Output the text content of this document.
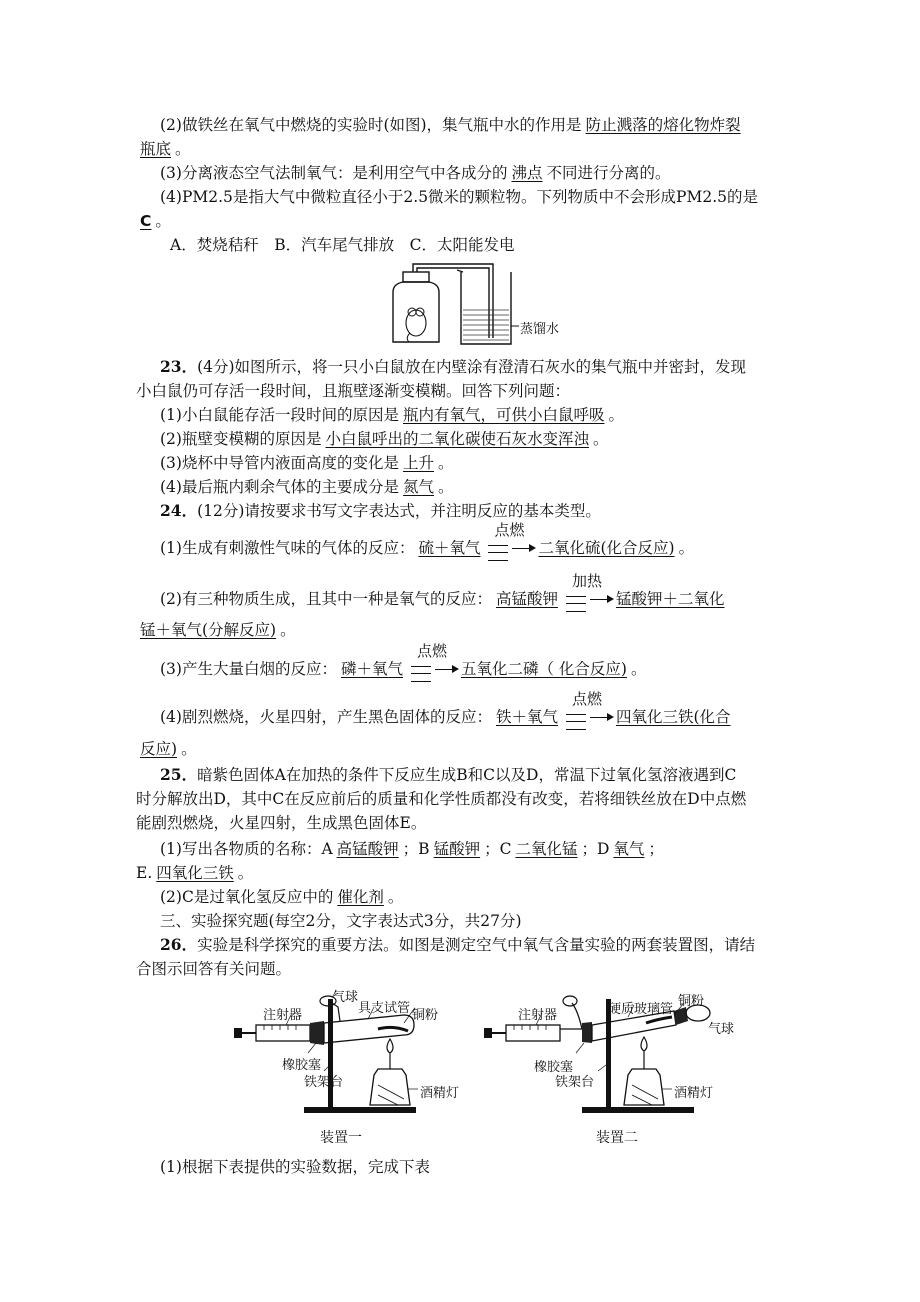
(2)做铁丝在氧气中燃烧的实验时(如图)，集气瓶中水的作用是 防止溅落的熔化物炸裂
瓶底 。
(3)分离液态空气法制氧气：是利用空气中各成分的 沸点 不同进行分离的。
(4)PM2.5是指大气中微粒直径小于2.5微米的颗粒物。下列物质中不会形成PM2.5的是
C 。
A．焚烧秸秆　B．汽车尾气排放　C．太阳能发电
蒸馏水
23．(4分)如图所示，将一只小白鼠放在内壁涂有澄清石灰水的集气瓶中并密封，发现
小白鼠仍可存活一段时间，且瓶壁逐渐变模糊。回答下列问题：
(1)小白鼠能存活一段时间的原因是 瓶内有氧气，可供小白鼠呼吸 。
(2)瓶壁变模糊的原因是 小白鼠呼出的二氧化碳使石灰水变浑浊 。
(3)烧杯中导管内液面高度的变化是 上升 。
(4)最后瓶内剩余气体的主要成分是 氮气 。
24．(12分)请按要求书写文字表达式，并注明反应的基本类型。
(1)生成有刺激性气味的气体的反应： 硫＋氧气
点燃
二氧化硫(化合反应) 。
(2)有三种物质生成，且其中一种是氧气的反应： 高锰酸钾
加热
锰酸钾＋二氧化
锰＋氧气(分解反应) 。
(3)产生大量白烟的反应： 磷＋氧气
点燃
五氧化二磷（ 化合反应) 。
(4)剧烈燃烧，火星四射，产生黑色固体的反应： 铁＋氧气
点燃
四氧化三铁(化合
反应) 。
25．暗紫色固体A在加热的条件下反应生成B和C以及D，常温下过氧化氢溶液遇到C
时分解放出D，其中C在反应前后的质量和化学性质都没有改变，若将细铁丝放在D中点燃
能剧烈燃烧，火星四射，生成黑色固体E。
(1)写出各物质的名称：A 高锰酸钾 ；B 锰酸钾 ；C 二氧化锰 ；D 氧气 ；
E. 四氧化三铁 。
(2)C是过氧化氢反应中的 催化剂 。
三、实验探究题(每空2分，文字表达式3分，共27分)
26．实验是科学探究的重要方法。如图是测定空气中氧气含量实验的两套装置图，请结
合图示回答有关问题。
气球
具支试管 铜粉
注射器
橡胶塞
铁架台
酒精灯
装置一
硬质玻璃管
铜粉
气球
注射器
橡胶塞
铁架台
酒精灯
装置二
(1)根据下表提供的实验数据，完成下表
